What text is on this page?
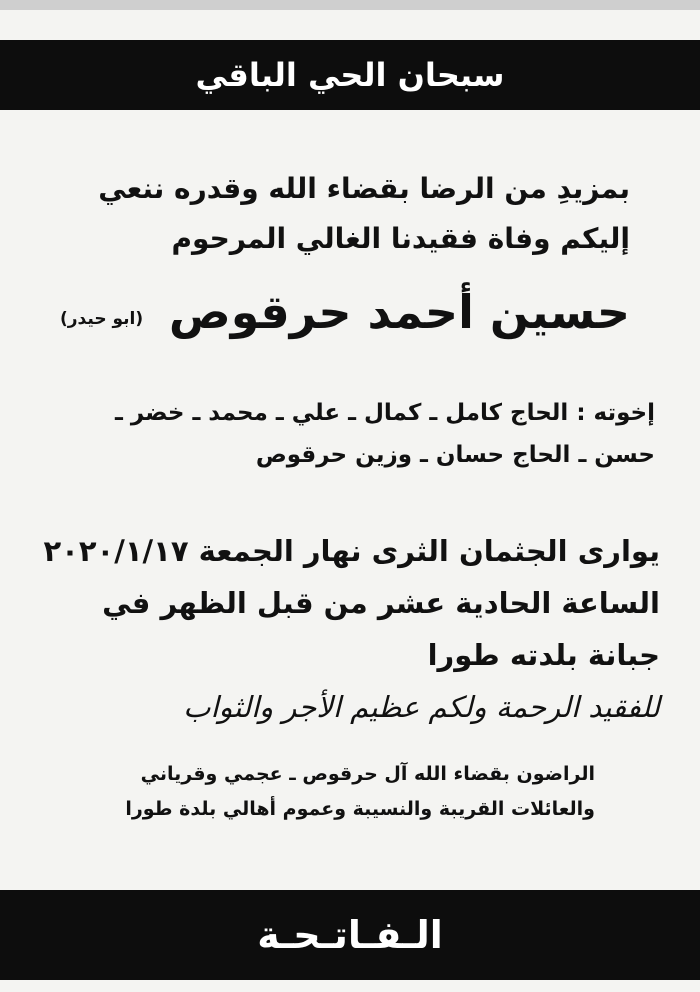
سبحان الحي الباقي
بمزيدِ من الرضا بقضاء الله وقدره ننعي
إليكم وفاة فقيدنا الغالي المرحوم
حسين أحمد حرقوص
(ابو حيدر)
إخوته : الحاج كامل ـ كمال ـ علي ـ محمد ـ خضر ـ
حسن ـ الحاج حسان ـ وزين حرقوص
يوارى الجثمان الثرى نهار الجمعة ٢٠٢٠/١/١٧
الساعة الحادية عشر من قبل الظهر في
جبانة بلدته طورا
للفقيد الرحمة ولكم عظيم الأجر والثواب
الراضون بقضاء الله آل حرقوص ـ عجمي وقرياني
والعائلات القريبة والنسيبة وعموم أهالي بلدة طورا
الـفـاتـحـة
